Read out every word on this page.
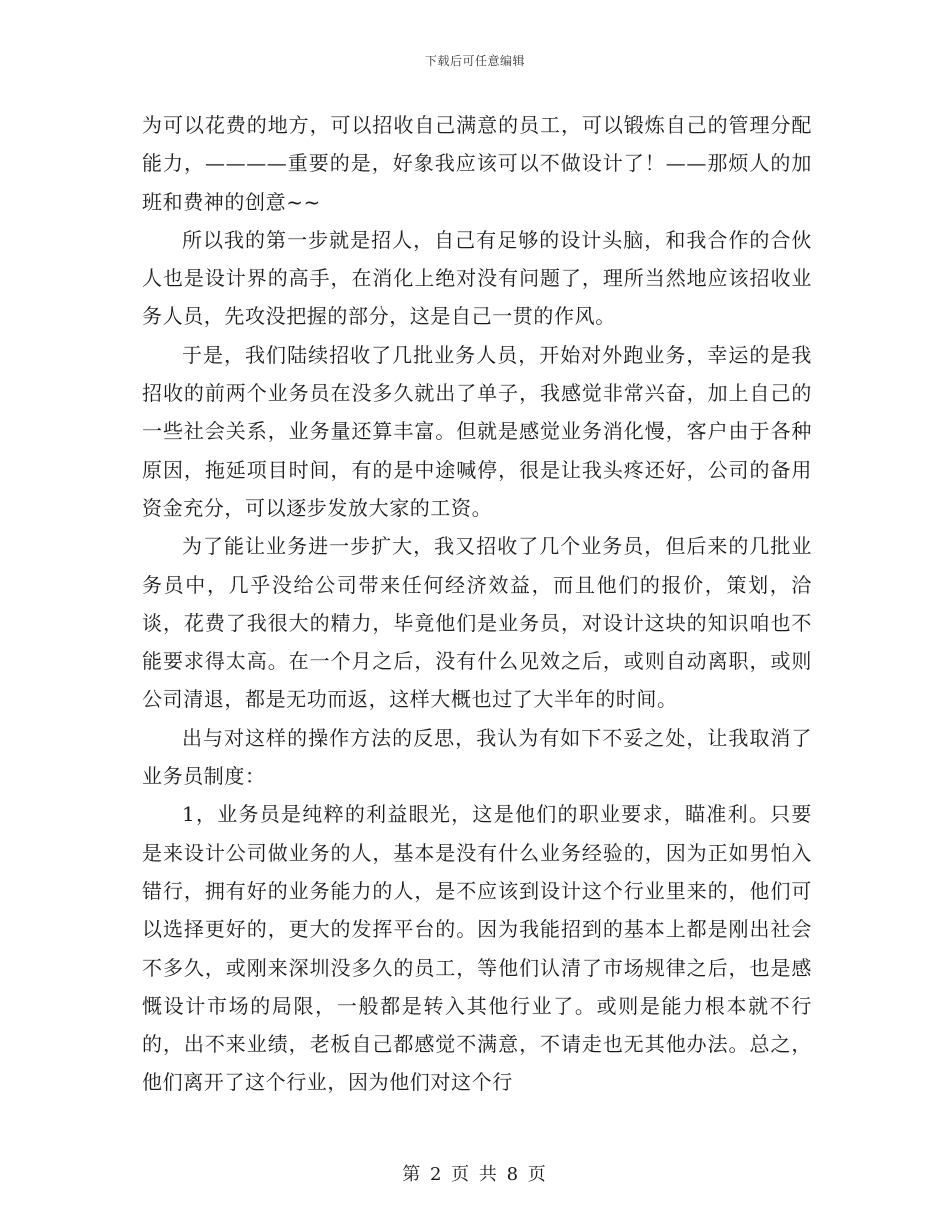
下载后可任意编辑

为可以花费的地方，可以招收自己满意的员工，可以锻炼自己的管理分配能力，————重要的是，好象我应该可以不做设计了！——那烦人的加班和费神的创意~~

所以我的第一步就是招人，自己有足够的设计头脑，和我合作的合伙人也是设计界的高手，在消化上绝对没有问题了，理所当然地应该招收业务人员，先攻没把握的部分，这是自己一贯的作风。

于是，我们陆续招收了几批业务人员，开始对外跑业务，幸运的是我招收的前两个业务员在没多久就出了单子，我感觉非常兴奋，加上自己的一些社会关系，业务量还算丰富。但就是感觉业务消化慢，客户由于各种原因，拖延项目时间，有的是中途喊停，很是让我头疼还好，公司的备用资金充分，可以逐步发放大家的工资。

为了能让业务进一步扩大，我又招收了几个业务员，但后来的几批业务员中，几乎没给公司带来任何经济效益，而且他们的报价，策划，洽谈，花费了我很大的精力，毕竟他们是业务员，对设计这块的知识咱也不能要求得太高。在一个月之后，没有什么见效之后，或则自动离职，或则公司清退，都是无功而返，这样大概也过了大半年的时间。

出与对这样的操作方法的反思，我认为有如下不妥之处，让我取消了业务员制度：

1，业务员是纯粹的利益眼光，这是他们的职业要求，瞄准利。只要是来设计公司做业务的人，基本是没有什么业务经验的，因为正如男怕入错行，拥有好的业务能力的人，是不应该到设计这个行业里来的，他们可以选择更好的，更大的发挥平台的。因为我能招到的基本上都是刚出社会不多久，或刚来深圳没多久的员工，等他们认清了市场规律之后，也是感慨设计市场的局限，一般都是转入其他行业了。或则是能力根本就不行的，出不来业绩，老板自己都感觉不满意，不请走也无其他办法。总之，他们离开了这个行业，因为他们对这个行

第 2 页 共 8 页
